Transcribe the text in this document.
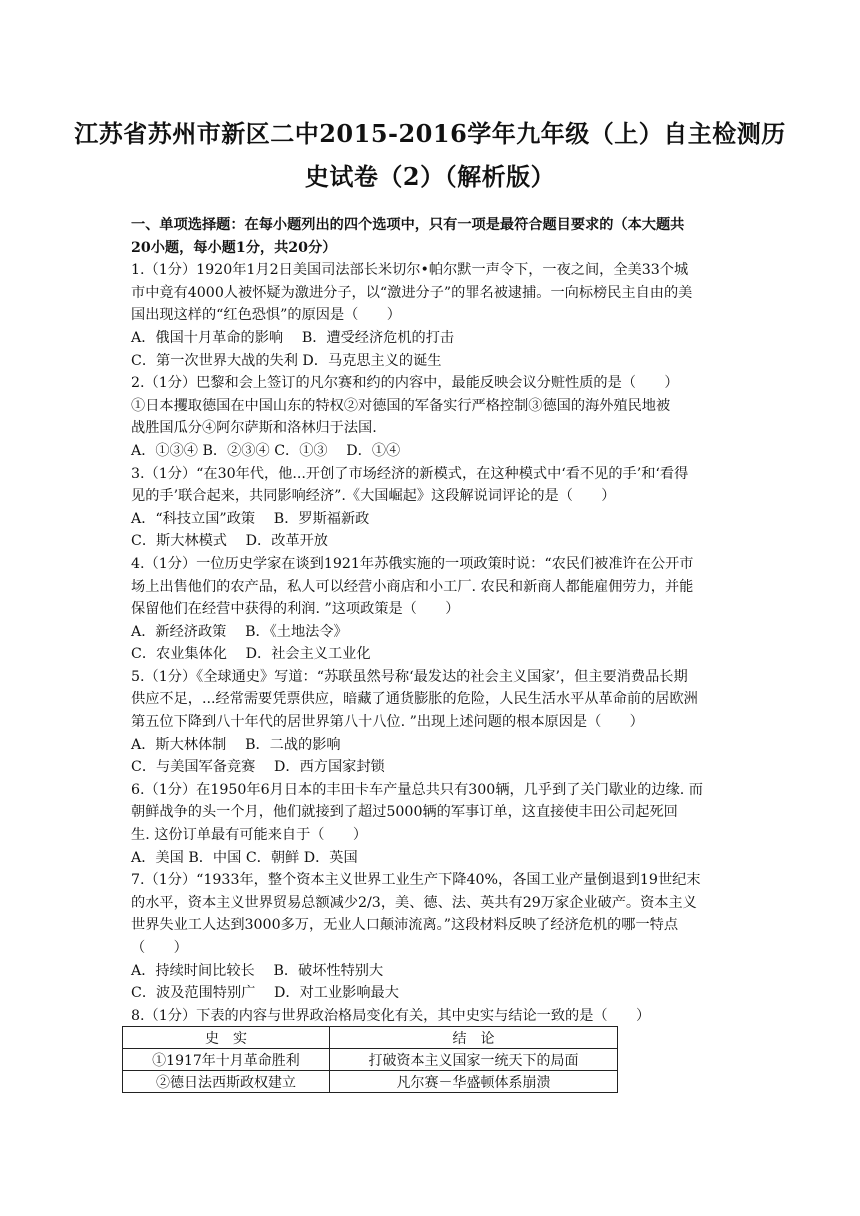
江苏省苏州市新区二中2015-2016学年九年级（上）自主检测历
史试卷（2）（解析版）
一、单项选择题：在每小题列出的四个选项中，只有一项是最符合题目要求的（本大题共
20小题，每小题1分，共20分）
1.（1分）1920年1月2日美国司法部长米切尔•帕尔默一声令下，一夜之间，全美33个城
市中竟有4000人被怀疑为激进分子，以“激进分子”的罪名被逮捕。一向标榜民主自由的美
国出现这样的“红色恐惧”的原因是（　　）
A．俄国十月革命的影响　 B．遭受经济危机的打击
C．第一次世界大战的失利 D．马克思主义的诞生
2.（1分）巴黎和会上签订的凡尔赛和约的内容中，最能反映会议分赃性质的是（　　）
①日本攫取德国在中国山东的特权②对德国的军备实行严格控制③德国的海外殖民地被
战胜国瓜分④阿尔萨斯和洛林归于法国.
A．①③④ B．②③④ C．①③　 D．①④
3.（1分）“在30年代，他...开创了市场经济的新模式，在这种模式中‘看不见的手’和‘看得
见的手’联合起来，共同影响经济”.《大国崛起》这段解说词评论的是（　　）
A．“科技立国”政策　 B．罗斯福新政
C．斯大林模式　 D．改革开放
4.（1分）一位历史学家在谈到1921年苏俄实施的一项政策时说：“农民们被准许在公开市
场上出售他们的农产品，私人可以经营小商店和小工厂. 农民和新商人都能雇佣劳力，并能
保留他们在经营中获得的利润. ”这项政策是（　　）
A．新经济政策　 B．《土地法令》
C．农业集体化　 D．社会主义工业化
5.（1分）《全球通史》写道：“苏联虽然号称‘最发达的社会主义国家’，但主要消费品长期
供应不足，...经常需要凭票供应，暗藏了通货膨胀的危险，人民生活水平从革命前的居欧洲
第五位下降到八十年代的居世界第八十八位. ”出现上述问题的根本原因是（　　）
A．斯大林体制　 B．二战的影响
C．与美国军备竞赛　 D．西方国家封锁
6.（1分）在1950年6月日本的丰田卡车产量总共只有300辆，几乎到了关门歇业的边缘. 而
朝鲜战争的头一个月，他们就接到了超过5000辆的军事订单，这直接使丰田公司起死回
生. 这份订单最有可能来自于（　　）
A．美国 B．中国 C．朝鲜 D．英国
7.（1分）“1933年，整个资本主义世界工业生产下降40%，各国工业产量倒退到19世纪末
的水平，资本主义世界贸易总额减少2/3，美、德、法、英共有29万家企业破产。资本主义
世界失业工人达到3000多万，无业人口颠沛流离。”这段材料反映了经济危机的哪一特点
（　　）
A．持续时间比较长　 B．破坏性特别大
C．波及范围特别广　 D．对工业影响最大
8.（1分）下表的内容与世界政治格局变化有关，其中史实与结论一致的是（　　）
史　实	结　论
①1917年十月革命胜利	打破资本主义国家一统天下的局面
②德日法西斯政权建立	凡尔赛－华盛顿体系崩溃
